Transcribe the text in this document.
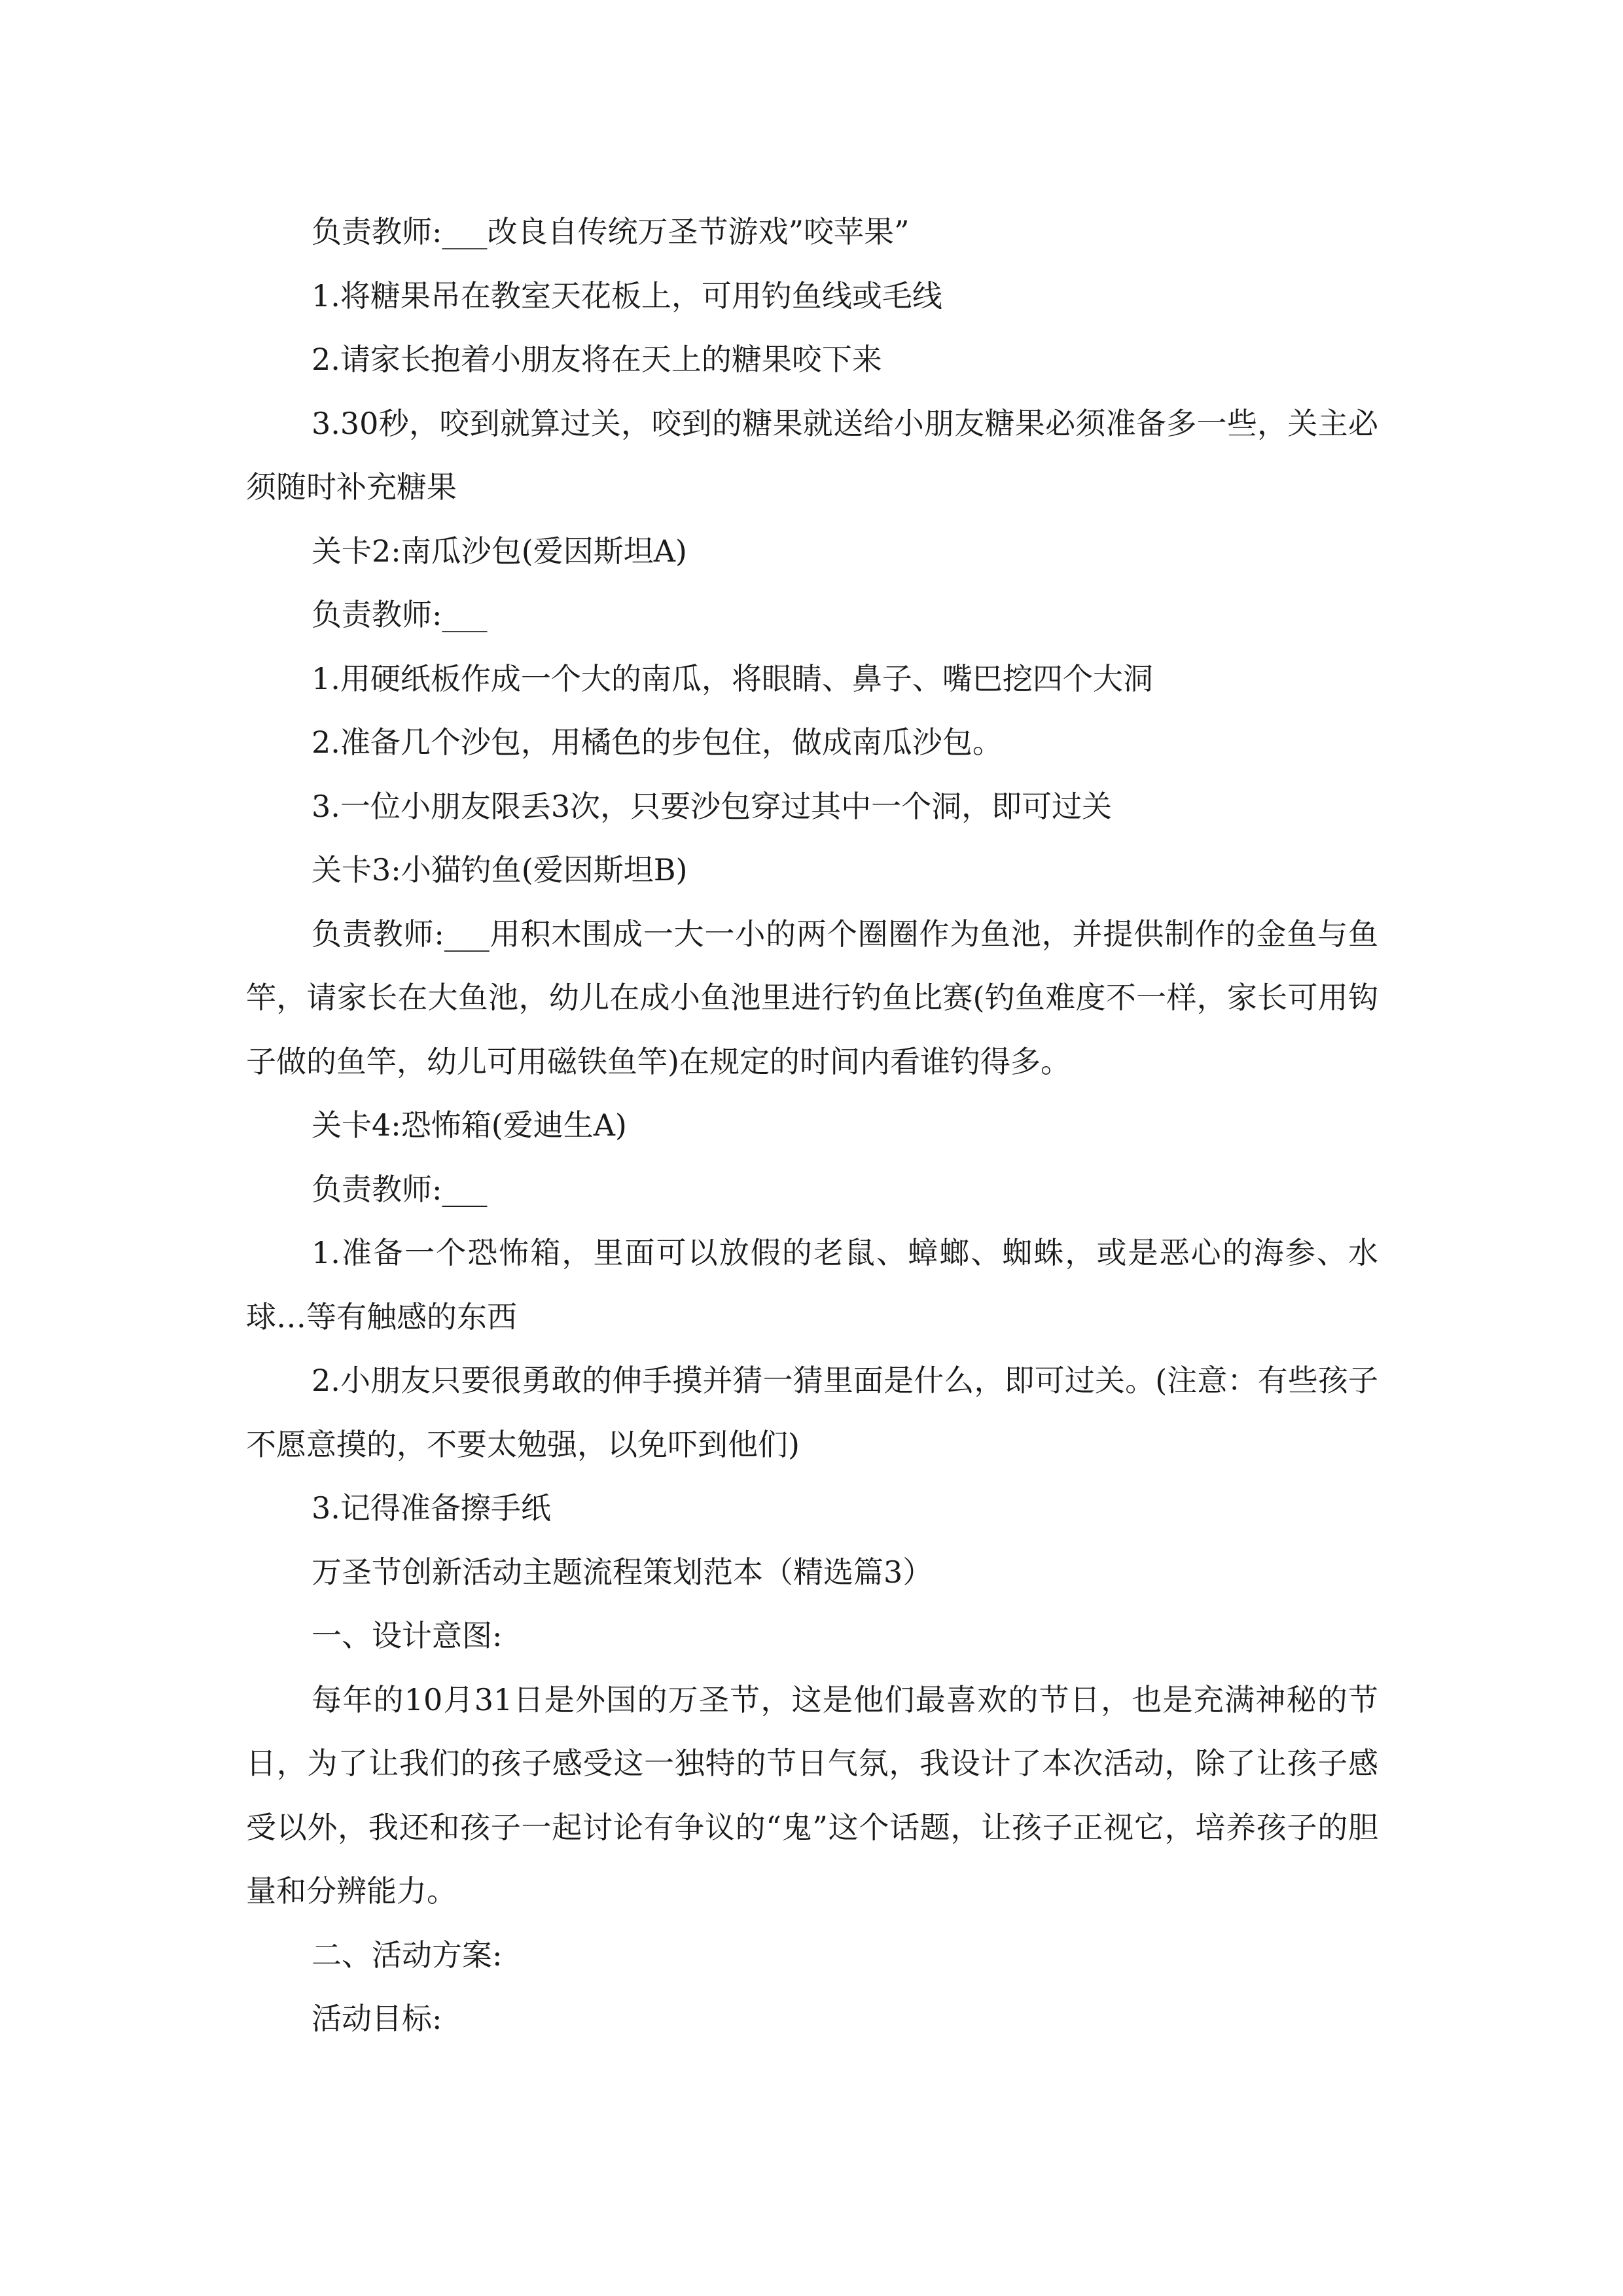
负责教师:___改良自传统万圣节游戏”咬苹果”

1.将糖果吊在教室天花板上，可用钓鱼线或毛线

2.请家长抱着小朋友将在天上的糖果咬下来

3.30秒，咬到就算过关，咬到的糖果就送给小朋友糖果必须准备多一些，关主必须随时补充糖果

关卡2:南瓜沙包(爱因斯坦A)

负责教师:___

1.用硬纸板作成一个大的南瓜，将眼睛、鼻子、嘴巴挖四个大洞

2.准备几个沙包，用橘色的步包住，做成南瓜沙包。

3.一位小朋友限丢3次，只要沙包穿过其中一个洞，即可过关

关卡3:小猫钓鱼(爱因斯坦B)

负责教师:___用积木围成一大一小的两个圈圈作为鱼池，并提供制作的金鱼与鱼竿，请家长在大鱼池，幼儿在成小鱼池里进行钓鱼比赛(钓鱼难度不一样，家长可用钩子做的鱼竿，幼儿可用磁铁鱼竿)在规定的时间内看谁钓得多。

关卡4:恐怖箱(爱迪生A)

负责教师:___

1.准备一个恐怖箱，里面可以放假的老鼠、蟑螂、蜘蛛，或是恶心的海参、水球…等有触感的东西

2.小朋友只要很勇敢的伸手摸并猜一猜里面是什么，即可过关。(注意：有些孩子不愿意摸的，不要太勉强，以免吓到他们)

3.记得准备擦手纸

万圣节创新活动主题流程策划范本（精选篇3）

一、设计意图:

每年的10月31日是外国的万圣节，这是他们最喜欢的节日，也是充满神秘的节日，为了让我们的孩子感受这一独特的节日气氛，我设计了本次活动，除了让孩子感受以外，我还和孩子一起讨论有争议的“鬼”这个话题，让孩子正视它，培养孩子的胆量和分辨能力。

二、活动方案:

活动目标:
